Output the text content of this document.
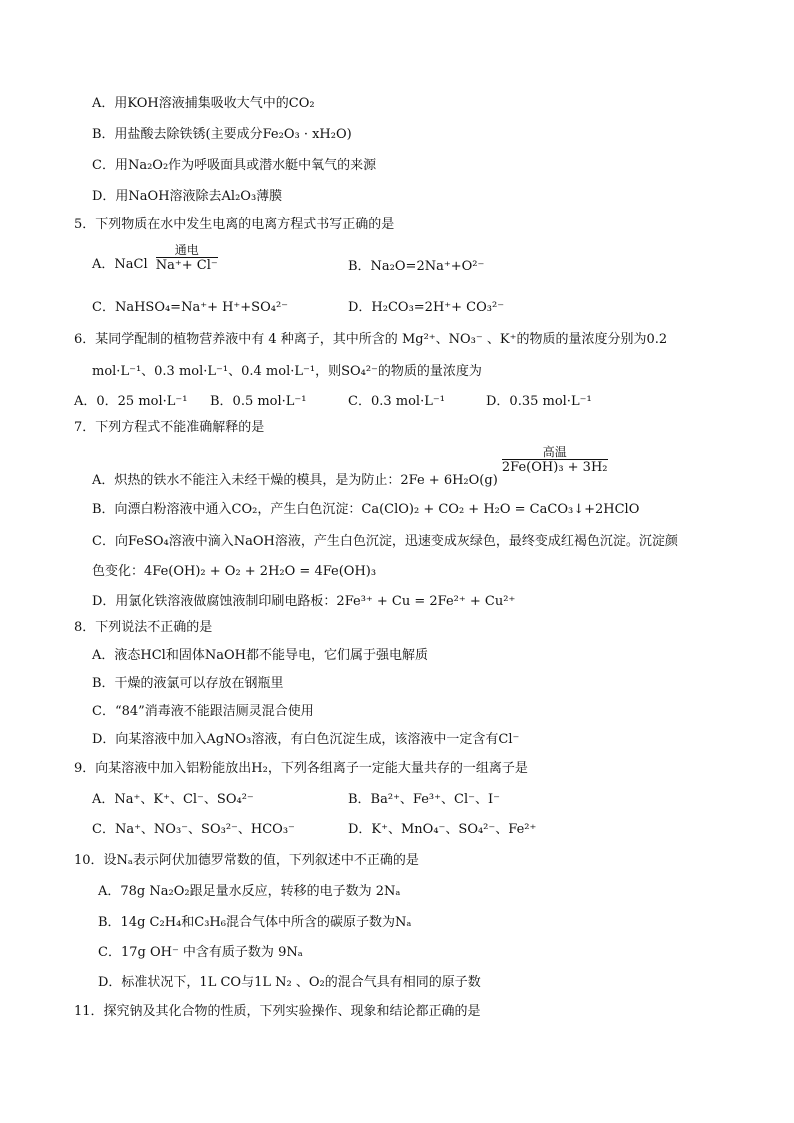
A．用KOH溶液捕集吸收大气中的CO₂
B．用盐酸去除铁锈(主要成分Fe₂O₃ · xH₂O)
C．用Na₂O₂作为呼吸面具或潜水艇中氧气的来源
D．用NaOH溶液除去Al₂O₃薄膜
5．下列物质在水中发生电离的电离方程式书写正确的是
A．NaCl
通电
Na⁺+ Cl⁻	B．Na₂O=2Na⁺+O²⁻
C．NaHSO₄=Na⁺+ H⁺+SO₄²⁻	D．H₂CO₃=2H⁺+ CO₃²⁻
6．某同学配制的植物营养液中有 4 种离子，其中所含的 Mg²⁺、NO₃⁻ 、K⁺的物质的量浓度分别为0.2
mol·L⁻¹、0.3 mol·L⁻¹、0.4 mol·L⁻¹，则SO₄²⁻的物质的量浓度为
A．0．25 mol·L⁻¹ B．0.5 mol·L⁻¹	C．0.3 mol·L⁻¹	D．0.35 mol·L⁻¹
7．下列方程式不能准确解释的是
A．炽热的铁水不能注入未经干燥的模具，是为防止：2Fe + 6H₂O(g)
高温
2Fe(OH)₃ + 3H₂
B．向漂白粉溶液中通入CO₂，产生白色沉淀：Ca(ClO)₂ + CO₂ + H₂O = CaCO₃↓+2HClO
C．向FeSO₄溶液中滴入NaOH溶液，产生白色沉淀，迅速变成灰绿色，最终变成红褐色沉淀。沉淀颜
色变化：4Fe(OH)₂ + O₂ + 2H₂O = 4Fe(OH)₃
D．用氯化铁溶液做腐蚀液制印刷电路板：2Fe³⁺ + Cu = 2Fe²⁺ + Cu²⁺
8．下列说法不正确的是
A．液态HCl和固体NaOH都不能导电，它们属于强电解质
B．干燥的液氯可以存放在钢瓶里
C．“84”消毒液不能跟洁厕灵混合使用
D．向某溶液中加入AgNO₃溶液，有白色沉淀生成，该溶液中一定含有Cl⁻
9．向某溶液中加入铝粉能放出H₂，下列各组离子一定能大量共存的一组离子是
A．Na⁺、K⁺、Cl⁻、SO₄²⁻	B．Ba²⁺、Fe³⁺、Cl⁻、I⁻
C．Na⁺、NO₃⁻、SO₃²⁻、HCO₃⁻	D．K⁺、MnO₄⁻、SO₄²⁻、Fe²⁺
10．设Nₐ表示阿伏加德罗常数的值，下列叙述中不正确的是
A．78g Na₂O₂跟足量水反应，转移的电子数为 2Nₐ
B．14g C₂H₄和C₃H₆混合气体中所含的碳原子数为Nₐ
C．17g OH⁻ 中含有质子数为 9Nₐ
D．标准状况下，1L CO与1L N₂ 、O₂的混合气具有相同的原子数
11．探究钠及其化合物的性质，下列实验操作、现象和结论都正确的是
